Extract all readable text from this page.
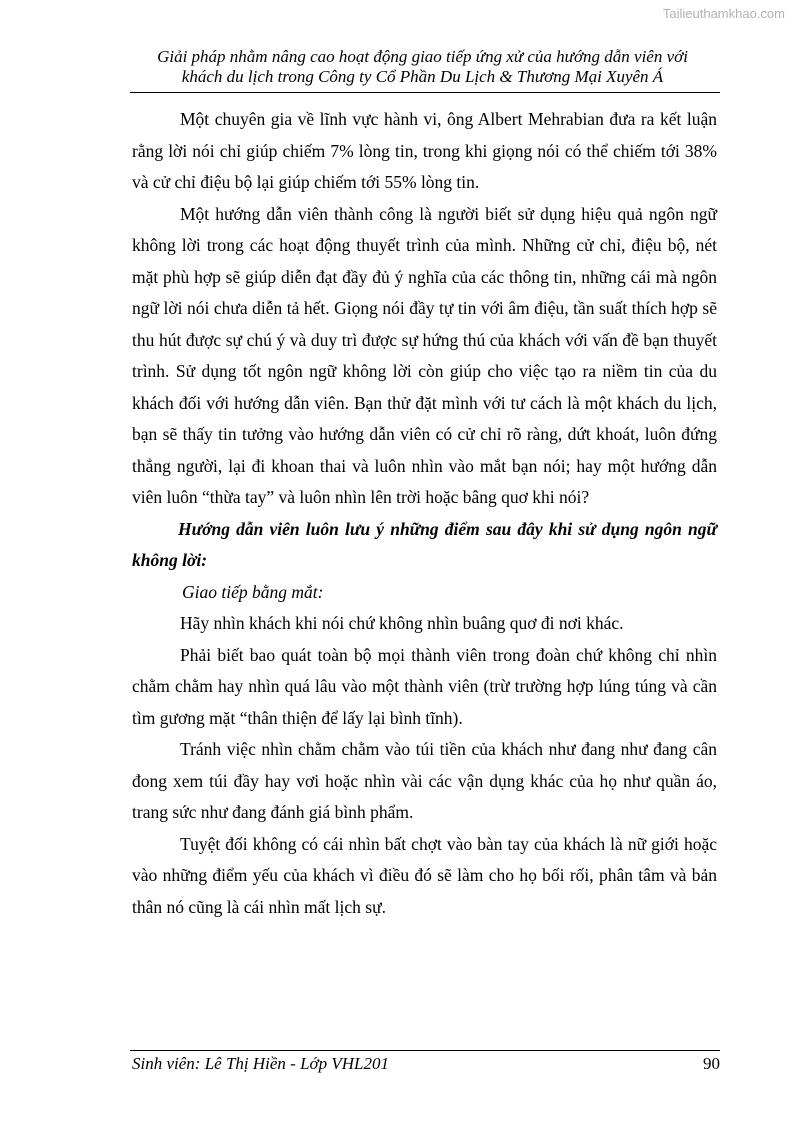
Tailieuthamkhao.com

Giải pháp nhằm nâng cao hoạt động giao tiếp ứng xử của hướng dẫn viên với
khách du lịch trong Công ty Cổ Phần Du Lịch & Thương Mại Xuyên Á

Một chuyên gia về lĩnh vực hành vi, ông Albert Mehrabian đưa ra kết luận rằng lời nói chỉ giúp chiếm 7% lòng tin, trong khi giọng nói có thể chiếm tới 38% và cử chỉ điệu bộ lại giúp chiếm tới 55% lòng tin.

Một hướng dẫn viên thành công là người biết sử dụng hiệu quả ngôn ngữ không lời trong các hoạt động thuyết trình của mình. Những cử chỉ, điệu bộ, nét mặt phù hợp sẽ giúp diễn đạt đầy đủ ý nghĩa của các thông tin, những cái mà ngôn ngữ lời nói chưa diễn tả hết. Giọng nói đầy tự tin với âm điệu, tần suất thích hợp sẽ thu hút được sự chú ý và duy trì được sự hứng thú của khách với vấn đề bạn thuyết trình. Sử dụng tốt ngôn ngữ không lời còn giúp cho việc tạo ra niềm tin của du khách đối với hướng dẫn viên. Bạn thử đặt mình với tư cách là một khách du lịch, bạn sẽ thấy tin tưởng vào hướng dẫn viên có cử chỉ rõ ràng, dứt khoát, luôn đứng thẳng người, lại đi khoan thai và luôn nhìn vào mắt bạn nói; hay một hướng dẫn viên luôn “thừa tay” và luôn nhìn lên trời hoặc bâng quơ khi nói?

Hướng dẫn viên luôn lưu ý những điểm sau đây khi sử dụng ngôn ngữ không lời:

Giao tiếp bằng mắt:

Hãy nhìn khách khi nói chứ không nhìn buâng quơ đi nơi khác.

Phải biết bao quát toàn bộ mọi thành viên trong đoàn chứ không chỉ nhìn chằm chằm hay nhìn quá lâu vào một thành viên (trừ trường hợp lúng túng và cần tìm gương mặt “thân thiện để lấy lại bình tĩnh).

Tránh việc nhìn chằm chằm vào túi tiền của khách như đang như đang cân đong xem túi đầy hay vơi hoặc nhìn vài các vận dụng khác của họ như quần áo, trang sức như đang đánh giá bình phẩm.

Tuyệt đối không có cái nhìn bất chợt vào bàn tay của khách là nữ giới hoặc vào những điểm yếu của khách vì điều đó sẽ làm cho họ bối rối, phân tâm và bản thân nó cũng là cái nhìn mất lịch sự.

Sinh viên: Lê Thị Hiền - Lớp VHL201	90
